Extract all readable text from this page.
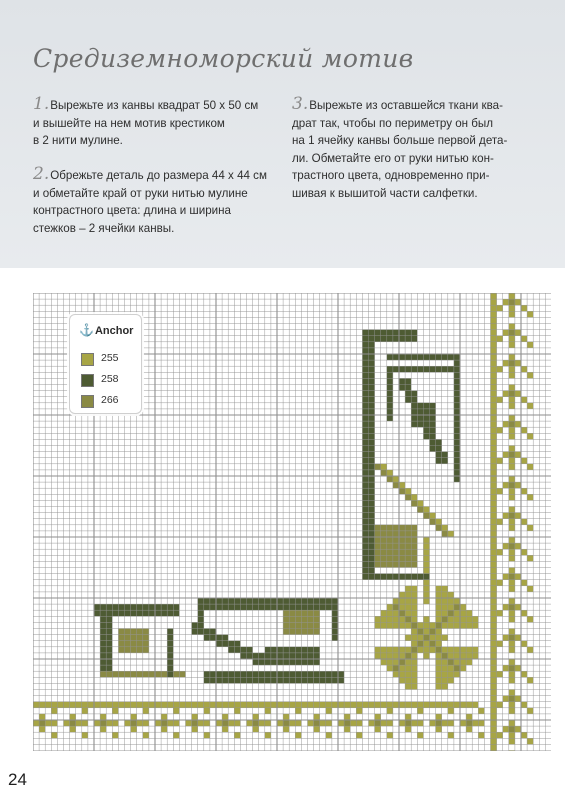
Средиземноморский мотив
1.Вырежьте из канвы квадрат 50 х 50 см
и вышейте на нем мотив крестиком
в 2 нити мулине.
2.Обрежьте деталь до размера 44 х 44 см
и обметайте край от руки нитью мулине
контрастного цвета: длина и ширина
стежков – 2 ячейки канвы.
3.Вырежьте из оставшейся ткани ква-
драт так, чтобы по периметру он был
на 1 ячейку канвы больше первой дета-
ли. Обметайте его от руки нитью кон-
трастного цвета, одновременно при-
шивая к вышитой части салфетки.
⚓Anchor
255
258
266
24
